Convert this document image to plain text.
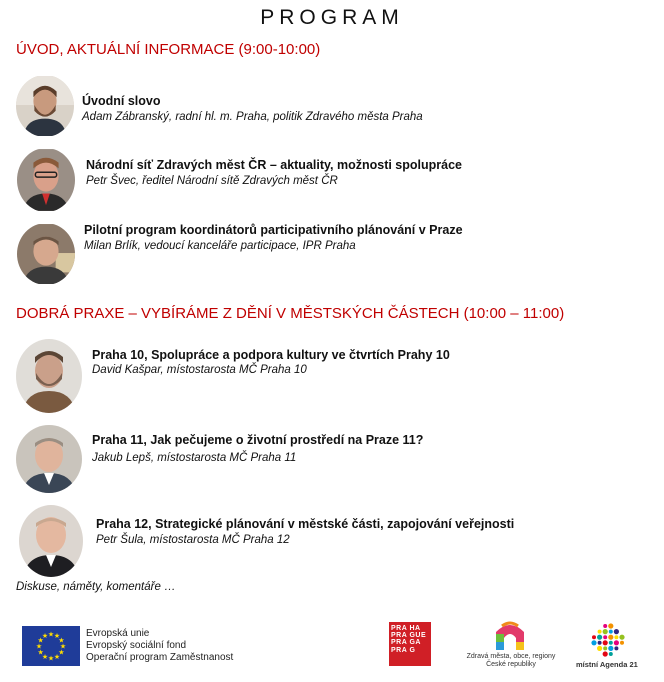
PROGRAM
ÚVOD, AKTUÁLNÍ INFORMACE (9:00-10:00)
Úvodní slovo
Adam Zábranský, radní hl. m. Praha, politik Zdravého města Praha
Národní síť Zdravých měst ČR – aktuality, možnosti spolupráce
Petr Švec, ředitel Národní sítě Zdravých měst ČR
Pilotní program koordinátorů participativního plánování v Praze
Milan Brlík, vedoucí kanceláře participace, IPR Praha
DOBRÁ PRAXE – VYBÍRÁME Z DĚNÍ V MĚSTSKÝCH ČÁSTECH (10:00 – 11:00)
Praha 10, Spolupráce a podpora kultury ve čtvrtích Prahy 10
David Kašpar, místostarosta MČ Praha 10
Praha 11, Jak pečujeme o životní prostředí na Praze 11?
Jakub Lepš, místostarosta MČ Praha 11
Praha 12, Strategické plánování v městské části, zapojování veřejnosti
Petr Šula, místostarosta MČ Praha 12
Diskuse, náměty, komentáře …
★
★
★
★
★
★
★
★
★ ★ ★
★
Evropská unie
Evropský sociální fond
Operační program Zaměstnanost
PRA HA
PRA GUE
PRA GA
PRA G
Zdravá města, obce, regiony
České republiky	místní Agenda 21
